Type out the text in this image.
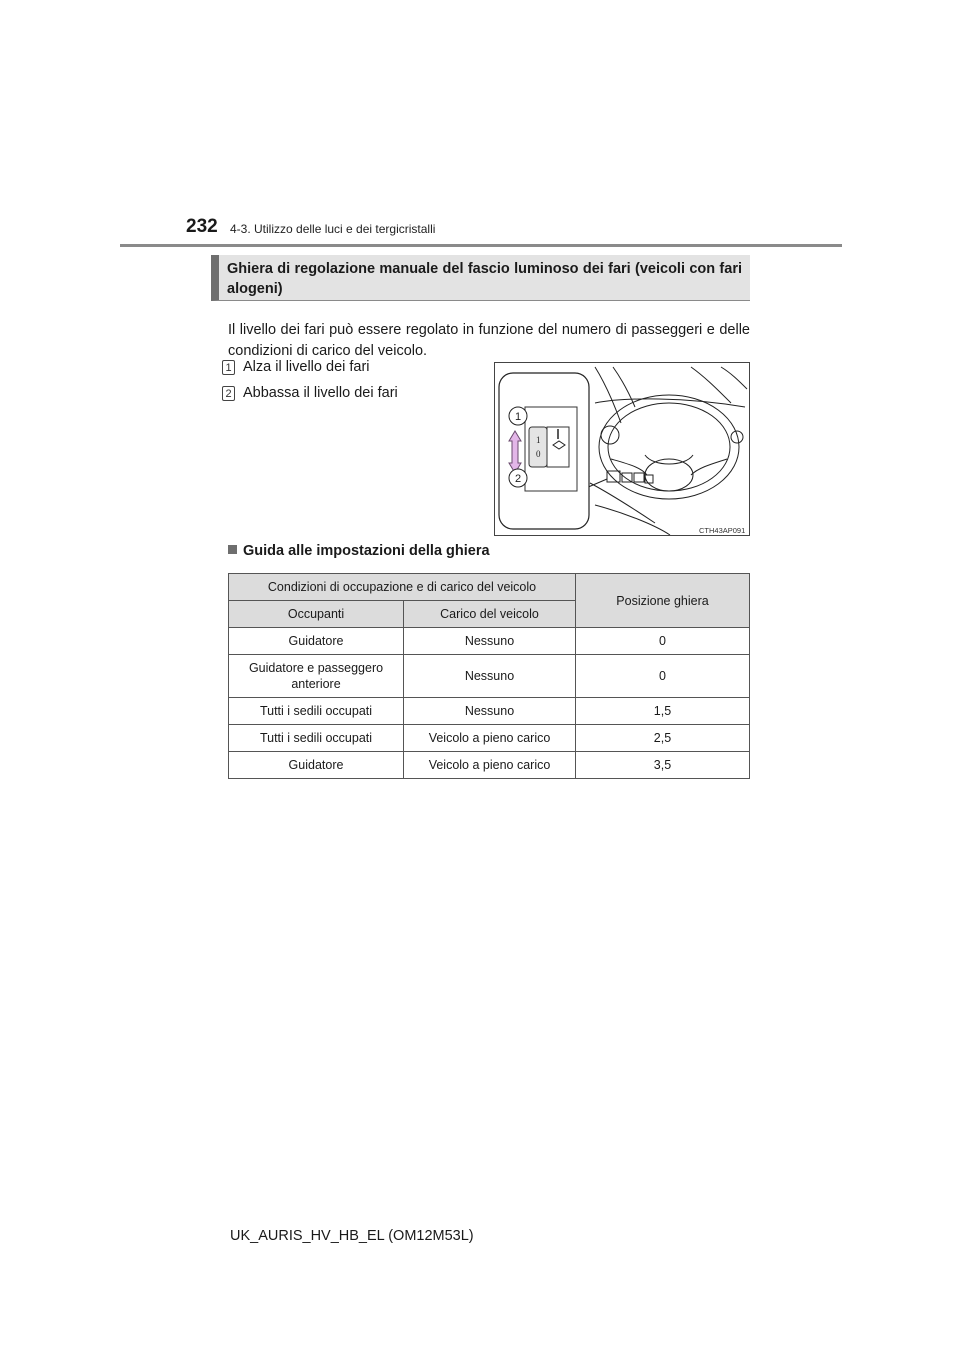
232 4-3. Utilizzo delle luci e dei tergicristalli
Ghiera di regolazione manuale del fascio luminoso dei fari (veicoli con fari alogeni)
Il livello dei fari può essere regolato in funzione del numero di passeggeri e delle condizioni di carico del veicolo.
1 Alza il livello dei fari
2 Abbassa il livello dei fari
1
0
1
2
CTH43AP091
Guida alle impostazioni della ghiera
Condizioni di occupazione e di carico del veicolo		Posizione ghiera
Occupanti	Carico del veicolo	
Guidatore	Nessuno	0
Guidatore e passeggero anteriore	Nessuno	0
Tutti i sedili occupati	Nessuno	1,5
Tutti i sedili occupati	Veicolo a pieno carico	2,5
Guidatore	Veicolo a pieno carico	3,5
UK_AURIS_HV_HB_EL (OM12M53L)
